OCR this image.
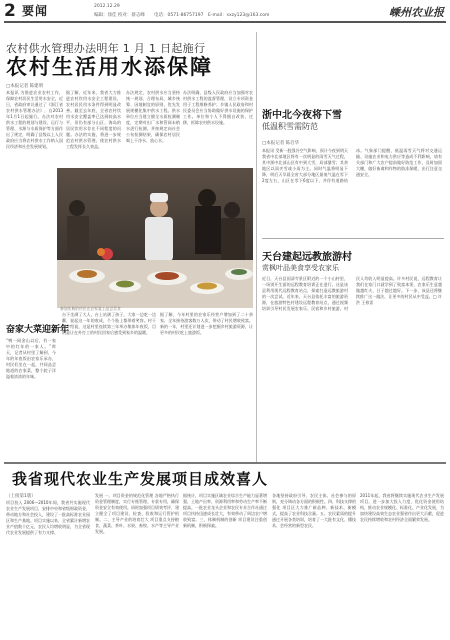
2 要闻	2012.12.29
编辑：徐佳 校对：蔡志峰 电话：0571-86757197 E-mail：sxzy123@163.com	嵊州农业报
农村供水管理办法明年 1 月 1 日起施行
农村生活用水添保障
□本报记者 陈建明
本报讯 为推进农业农村工作，保障农村居民生活用水安全，近日，省政府审议通过了《浙江省农村供水管理办法》，自2013年1月1日起施行。办法对农村供水工程的规划与建设、运行与管理、水源与水质保护等方面作出了规定，明确了县级以上人民政府应当将农村供水工作纳入国民经济和社会发展规划。
据了解，近年来，我省大力推进农村饮用水安全工程建设，农村居民用水条件得到明显改善。截至去年底，全省农村饮用水安全覆盖率已达到较高水平，但仍有部分山区、海岛的居民饮用水存在不同程度的问题。办法的实施，将进一步规范农村供水管理，使农村供水工程发挥长久效益。
办法规定，农村供水应当坚持统一规划、合理布局、城乡统筹、因地制宜的原则，优先发展规模化集中供水工程。供水单位应当建立健全水质检测制度，定期对出厂水和管网末梢水进行检测，并按规定向社会公布检测结果，确保农村居民喝上干净水、放心水。
办法明确，县级人民政府应当加强对农村供水工程的监督管理，设立专项资金用于工程维修养护；乡镇人民政府和村民委员会应当协助做好供水设施的保护工作。单位和个人不得擅自改装、迁移、拆除农村供水设施。
奋家大菜迎新年
“鸭一网金山以后，有一家中的红年的一家人。”昨天，记者从村里了解到，今年的年夜饭由农家乐承办，村民们坐在一起，共同品尝地道的农家菜，整个院子洋溢着浓浓的年味。
台下坐满了大人，台上站满了孩子，大家一边吃一边聊，说起这一年的收成，个个脸上都带着笑容。村干部介绍说，这是村里连续第三年举办集体年夜饭，目的是让在外打工的村民回家后感受到家乡的温暖。
据了解，今年村里的农家乐经营户增加到了二十余家，全年接待游客数万人次，带动了村民增收致富。新的一年，村里还计划进一步挖掘乡村旅游资源，让更多的村民吃上旅游饭。
参加庆典的村民在农家宴上品尝美食
浙中北今夜将下雪
低温积雪需防范
□本报记者 陈启华
本报讯 受新一股强冷空气影响，预计今夜到明天我省中北部地区将有一次明显的雨雪天气过程，其中浙中北部山区有中到大雪，局部暴雪；其余地区以雨夹雪或小雨为主。同时气温将明显下降，明后天早晨全省大部分地区最低气温在零下2度左右，山区在零下6度以下，并伴有道路结冰。气象部门提醒，低温雨雪天气将对交通运输、设施农业和电力供应等造成不利影响，请有关部门和广大农户提前做好防范工作，及时加固大棚，做好畜禽和作物的防冻保暖，出行注意交通安全。
天台建起远教旅游村
赏枫叶品美食享受农家乐
近日，天台县国清寺景区附近的一个小山村里，一场别开生面的远程教育培训正在进行。这是该县利用现代远程教育站点，探索打造远教旅游村的一次尝试。近年来，天台县依托丰富的旅游资源，在旅游特色村建设远程教育站点，通过视频培训引导村民发展农家乐、民宿和乡村旅游，村民人均收入明显提高。许多村民说，远程教育让我们在家门口就学到了致富本领，农家乐生意越做越红火，日子越过越好。下一步，该县还将继续推广这一做法，让更多的村民从中受益。□ 许 洪 王春雷
我省现代农业生产发展项目成效喜人
（上接第1版）
项目投入 2006—2010年间，我省共实施现代农业生产发展项目，安排中央和省级财政资金，带动地方和社会投入，建设了一批高标准农业园区和生产基地。项目实施以来，全省累计新增农业产值数十亿元，农民人均增收明显，为全省现代农业发展提供了有力支撑。
发展 一、项目资金的规范化管理 各地严格执行资金管理制度，实行专账管理、专款专用，确保资金安全有效使用。同时加强项目绩效考评，建立健全了项目建设、检查、验收和运行管护机制。二、主导产业的培育壮大 项目重点支持粮食、蔬菜、茶叶、水果、畜牧、水产等主导产业发展。
据统计，项目实施区域农业综合生产能力显著增强，土地产出率、资源利用率和劳动生产率不断提高。一批农业龙头企业和农民专业合作社通过项目扶持迅速成长壮大，有效带动了周边农户增收致富。三、体制机制的创新 项目建设注重创新机制，积极探索。
各地坚持政府引导、农民主体、社会参与的原则，充分调动各方面的积极性。四、科技支撑的强化 项目区大力推广新品种、新技术、新模式，提高了农业科技含量。五、农民素质的提升 通过开展各类培训，培育了一大批有文化、懂技术、会经营的新型农民。
2011年起，我省将继续实施现代农业生产发展项目，进一步加大投入力度，优化资金使用结构，推动农业规模化、标准化、产业化发展，为加快建设高效生态农业强省作出更大贡献，促进农民持续增收和农村经济全面繁荣发展。
